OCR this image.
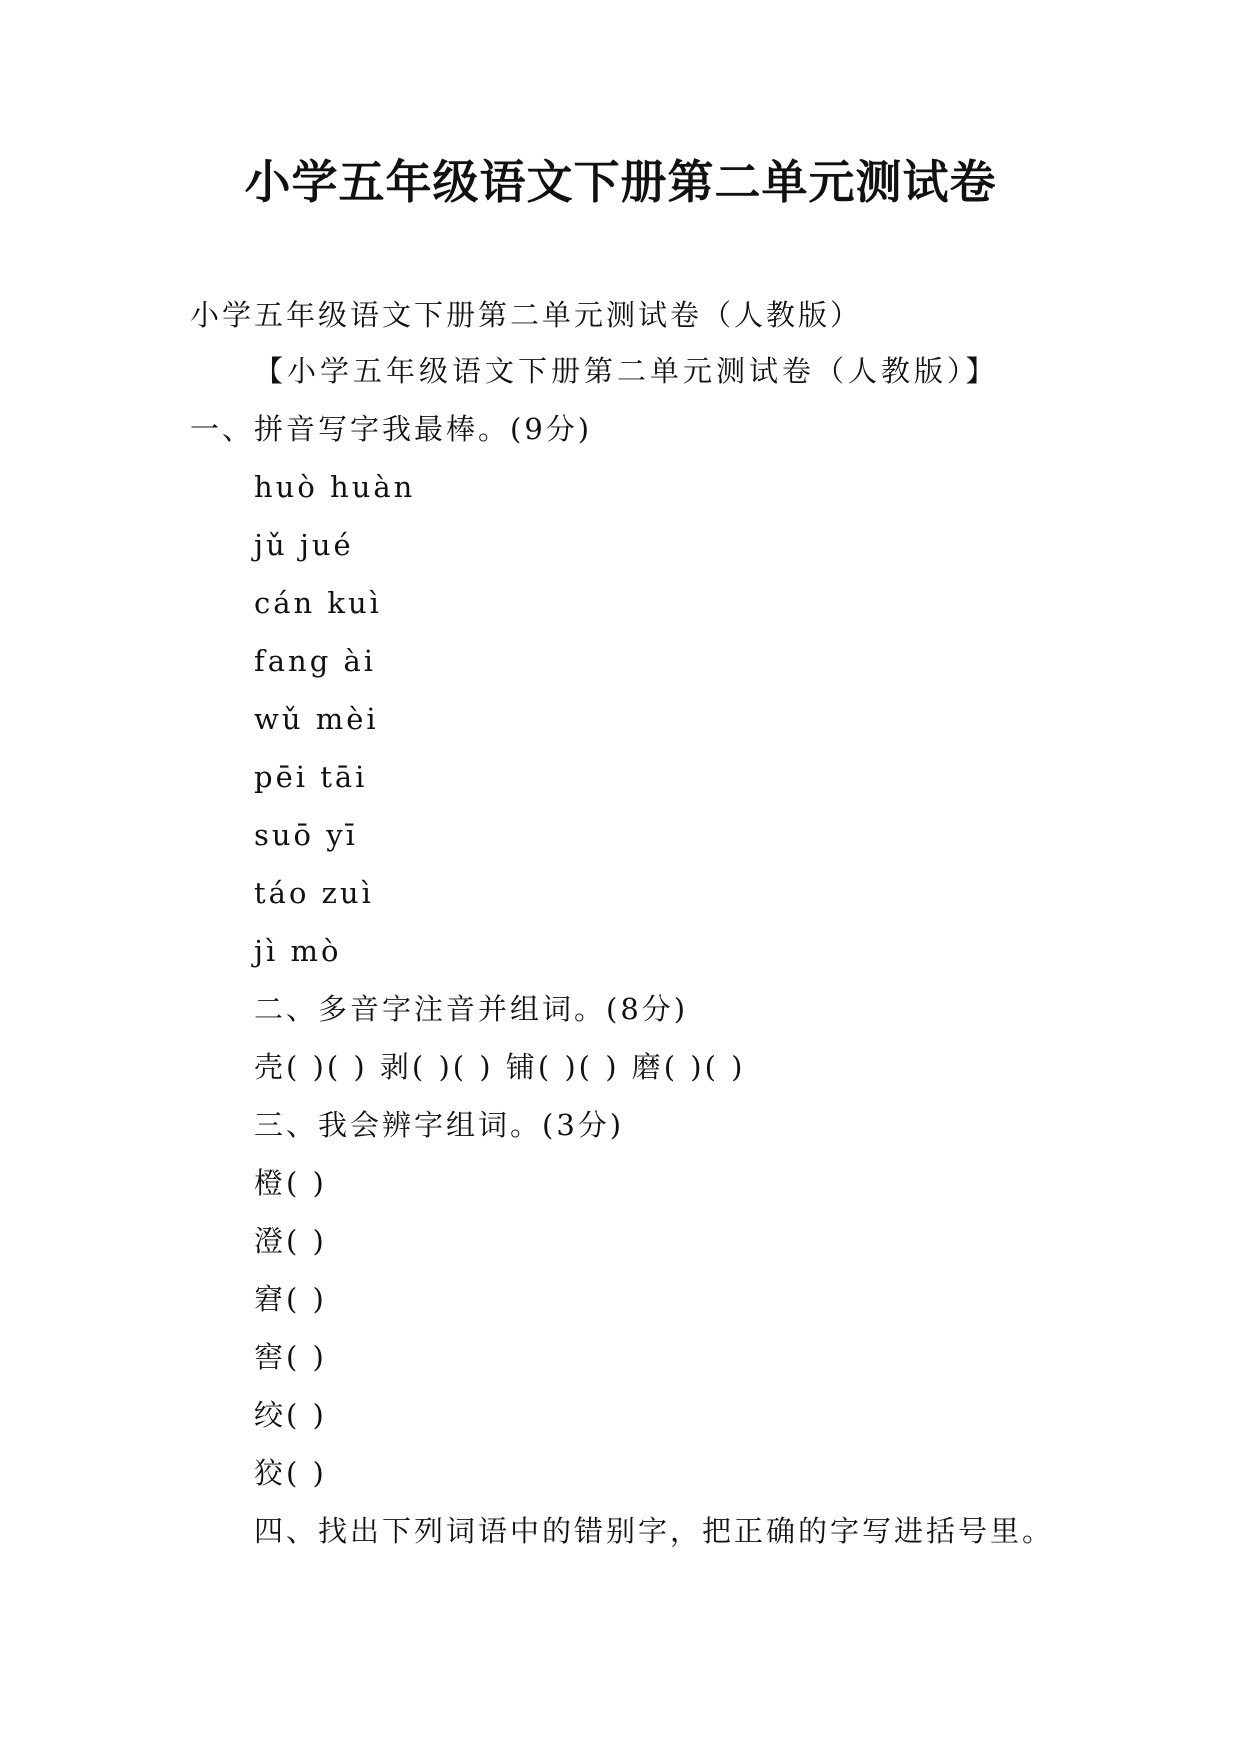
小学五年级语文下册第二单元测试卷
小学五年级语文下册第二单元测试卷（人教版）
【小学五年级语文下册第二单元测试卷（人教版）】
一、拼音写字我最棒。(9分)
huò huàn
jǔ jué
cán kuì
fang ài
wǔ mèi
pēi tāi
suō yī
táo zuì
jì mò
二、多音字注音并组词。(8分)
壳( )( ) 剥( )( ) 铺( )( ) 磨( )( )
三、我会辨字组词。(3分)
橙( )
澄( )
窘( )
窖( )
绞( )
狡( )
四、找出下列词语中的错别字，把正确的字写进括号里。
